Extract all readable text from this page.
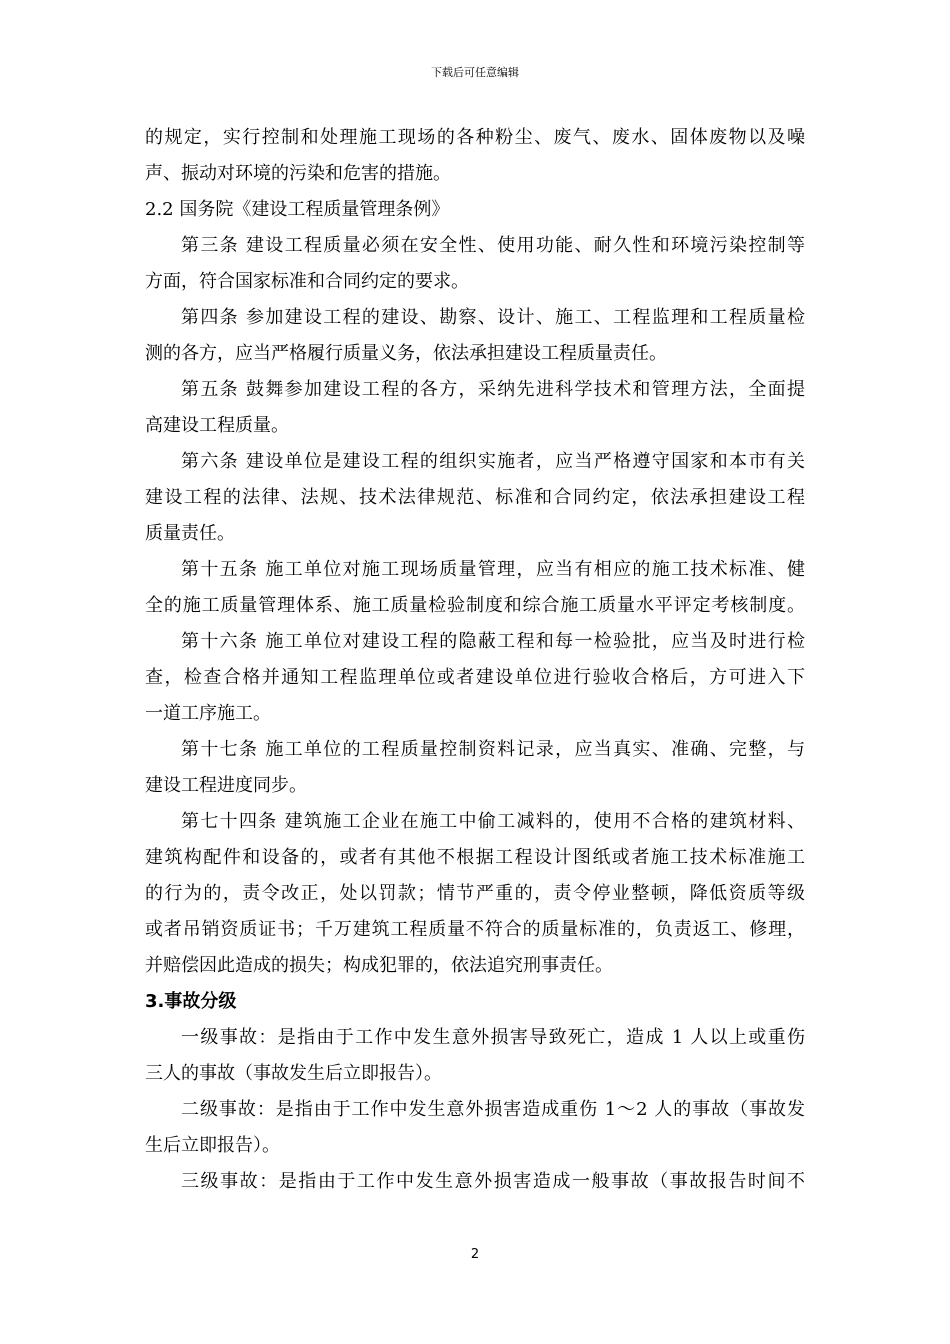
下载后可任意编辑
的规定，实行控制和处理施工现场的各种粉尘、废气、废水、固体废物以及噪
声、振动对环境的污染和危害的措施。
2.2 国务院《建设工程质量管理条例》
第三条 建设工程质量必须在安全性、使用功能、耐久性和环境污染控制等
方面，符合国家标准和合同约定的要求。
第四条 参加建设工程的建设、勘察、设计、施工、工程监理和工程质量检
测的各方，应当严格履行质量义务，依法承担建设工程质量责任。
第五条 鼓舞参加建设工程的各方，采纳先进科学技术和管理方法，全面提
高建设工程质量。
第六条 建设单位是建设工程的组织实施者，应当严格遵守国家和本市有关
建设工程的法律、法规、技术法律规范、标准和合同约定，依法承担建设工程
质量责任。
第十五条 施工单位对施工现场质量管理，应当有相应的施工技术标准、健
全的施工质量管理体系、施工质量检验制度和综合施工质量水平评定考核制度。
第十六条 施工单位对建设工程的隐蔽工程和每一检验批，应当及时进行检
查，检查合格并通知工程监理单位或者建设单位进行验收合格后，方可进入下
一道工序施工。
第十七条 施工单位的工程质量控制资料记录，应当真实、准确、完整，与
建设工程进度同步。
第七十四条 建筑施工企业在施工中偷工减料的，使用不合格的建筑材料、
建筑构配件和设备的，或者有其他不根据工程设计图纸或者施工技术标准施工
的行为的，责令改正，处以罚款；情节严重的，责令停业整顿，降低资质等级
或者吊销资质证书；千万建筑工程质量不符合的质量标准的，负责返工、修理，
并赔偿因此造成的损失；构成犯罪的，依法追究刑事责任。
3.事故分级
一级事故：是指由于工作中发生意外损害导致死亡，造成 1 人以上或重伤
三人的事故（事故发生后立即报告）。
二级事故：是指由于工作中发生意外损害造成重伤 1～2 人的事故（事故发
生后立即报告）。
三级事故：是指由于工作中发生意外损害造成一般事故（事故报告时间不
2
